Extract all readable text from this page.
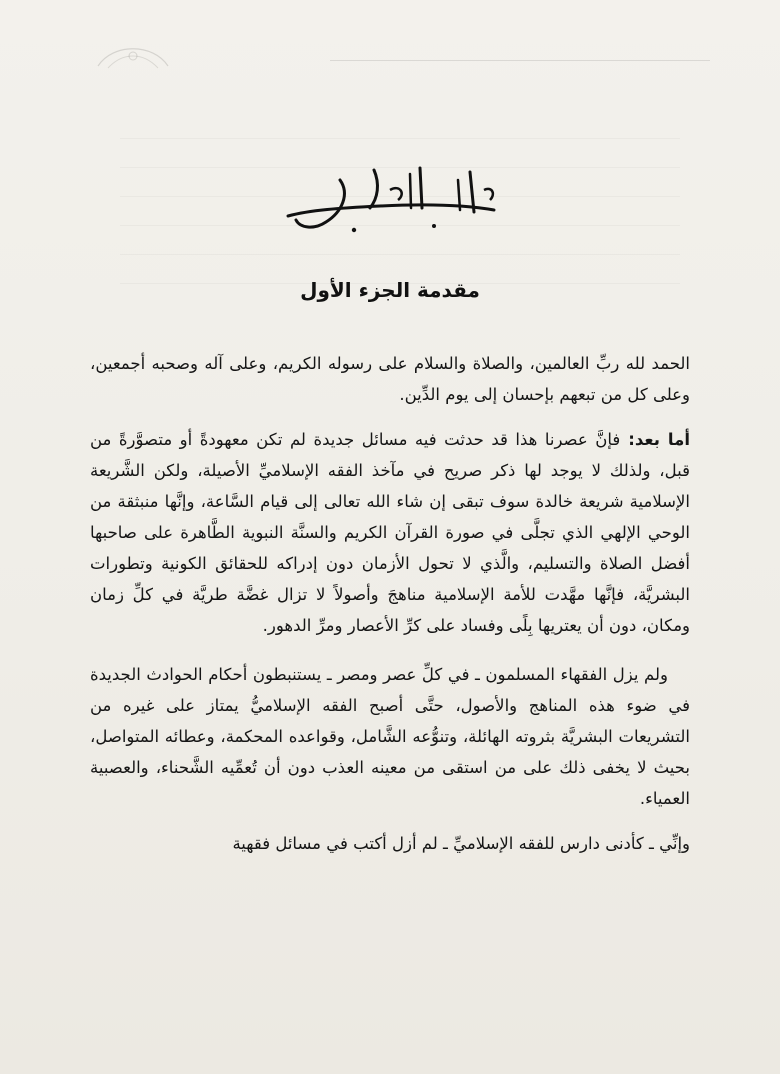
مقدمة الجزء الأول

الحمد لله ربِّ العالمين، والصلاة والسلام على رسوله الكريم، وعلى آله وصحبه أجمعين، وعلى كل من تبعهم بإحسان إلى يوم الدِّين.

أما بعد: فإنَّ عصرنا هذا قد حدثت فيه مسائل جديدة لم تكن معهودةً أو متصوَّرةً من قبل، ولذلك لا يوجد لها ذكر صريح في مآخذ الفقه الإسلاميِّ الأصيلة، ولكن الشَّريعة الإسلامية شريعة خالدة سوف تبقى إن شاء الله تعالى إلى قيام السَّاعة، وإنَّها منبثقة من الوحي الإلهي الذي تجلَّى في صورة القرآن الكريم والسنَّة النبوية الطَّاهرة على صاحبها أفضل الصلاة والتسليم، والَّذي لا تحول الأزمان دون إدراكه للحقائق الكونية وتطورات البشريَّة، فإنَّها مهَّدت للأمة الإسلامية مناهجَ وأصولاً لا تزال غضَّة طريَّة في كلِّ زمان ومكان، دون أن يعتريها بِلًى وفساد على كرِّ الأعصار ومرِّ الدهور.

ولم يزل الفقهاء المسلمون ـ في كلِّ عصر ومصر ـ يستنبطون أحكام الحوادث الجديدة في ضوء هذه المناهج والأصول، حتَّى أصبح الفقه الإسلاميُّ يمتاز على غيره من التشريعات البشريَّة بثروته الهائلة، وتنوُّعه الشَّامل، وقواعده المحكمة، وعطائه المتواصل، بحيث لا يخفى ذلك على من استقى من معينه العذب دون أن تُعمِّيه الشَّحناء، والعصبية العمياء.

وإنِّي ـ كأدنى دارس للفقه الإسلاميِّ ـ لم أزل أكتب في مسائل فقهية
